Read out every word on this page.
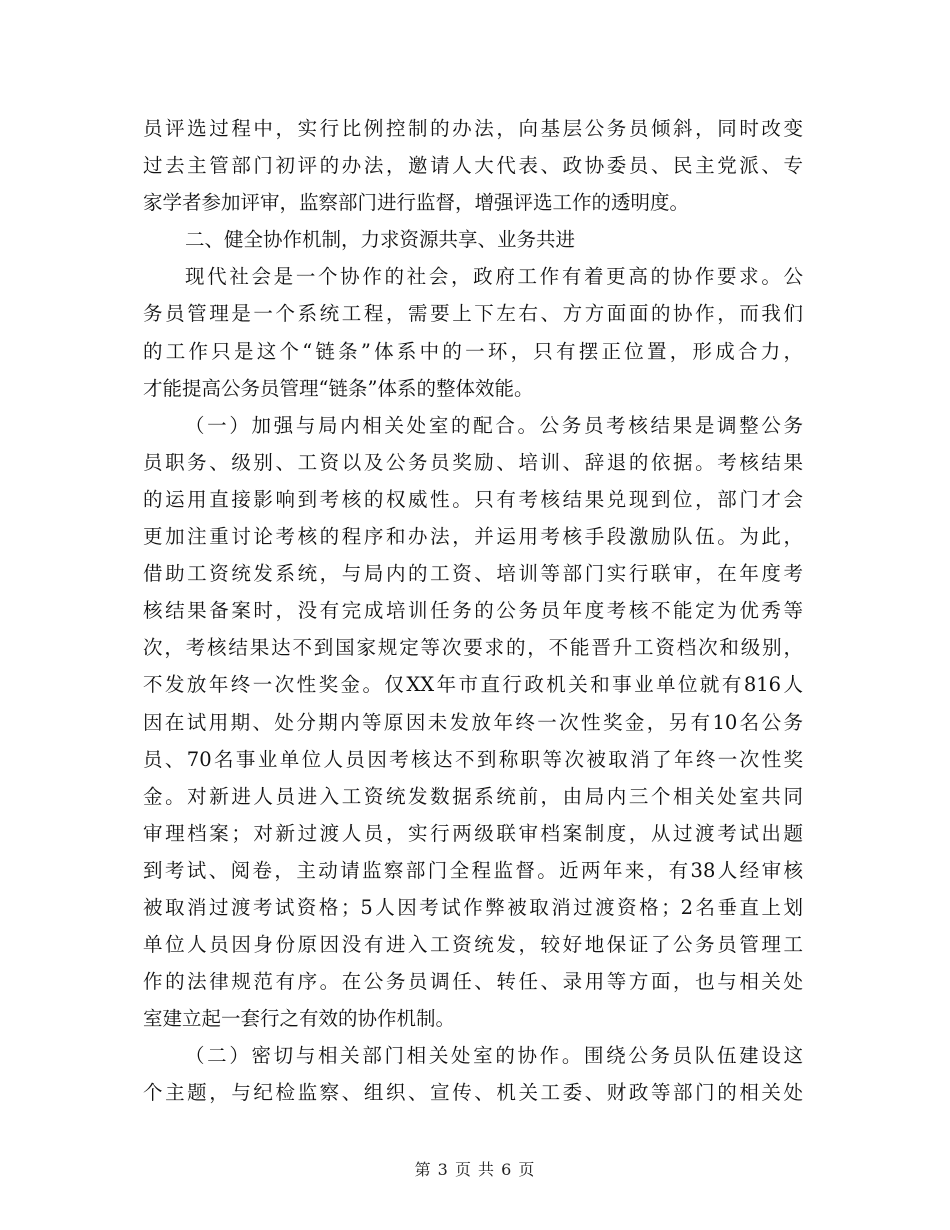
员评选过程中，实行比例控制的办法，向基层公务员倾斜，同时改变
过去主管部门初评的办法，邀请人大代表、政协委员、民主党派、专
家学者参加评审，监察部门进行监督，增强评选工作的透明度。
二、健全协作机制，力求资源共享、业务共进
现代社会是一个协作的社会，政府工作有着更高的协作要求。公
务员管理是一个系统工程，需要上下左右、方方面面的协作，而我们
的工作只是这个“链条”体系中的一环，只有摆正位置，形成合力，
才能提高公务员管理“链条”体系的整体效能。
（一）加强与局内相关处室的配合。公务员考核结果是调整公务
员职务、级别、工资以及公务员奖励、培训、辞退的依据。考核结果
的运用直接影响到考核的权威性。只有考核结果兑现到位，部门才会
更加注重讨论考核的程序和办法，并运用考核手段激励队伍。为此，
借助工资统发系统，与局内的工资、培训等部门实行联审，在年度考
核结果备案时，没有完成培训任务的公务员年度考核不能定为优秀等
次，考核结果达不到国家规定等次要求的，不能晋升工资档次和级别，
不发放年终一次性奖金。仅XX年市直行政机关和事业单位就有816人
因在试用期、处分期内等原因未发放年终一次性奖金，另有10名公务
员、70名事业单位人员因考核达不到称职等次被取消了年终一次性奖
金。对新进人员进入工资统发数据系统前，由局内三个相关处室共同
审理档案；对新过渡人员，实行两级联审档案制度，从过渡考试出题
到考试、阅卷，主动请监察部门全程监督。近两年来，有38人经审核
被取消过渡考试资格；5人因考试作弊被取消过渡资格；2名垂直上划
单位人员因身份原因没有进入工资统发，较好地保证了公务员管理工
作的法律规范有序。在公务员调任、转任、录用等方面，也与相关处
室建立起一套行之有效的协作机制。
（二）密切与相关部门相关处室的协作。围绕公务员队伍建设这
个主题，与纪检监察、组织、宣传、机关工委、财政等部门的相关处
第 3 页 共 6 页
